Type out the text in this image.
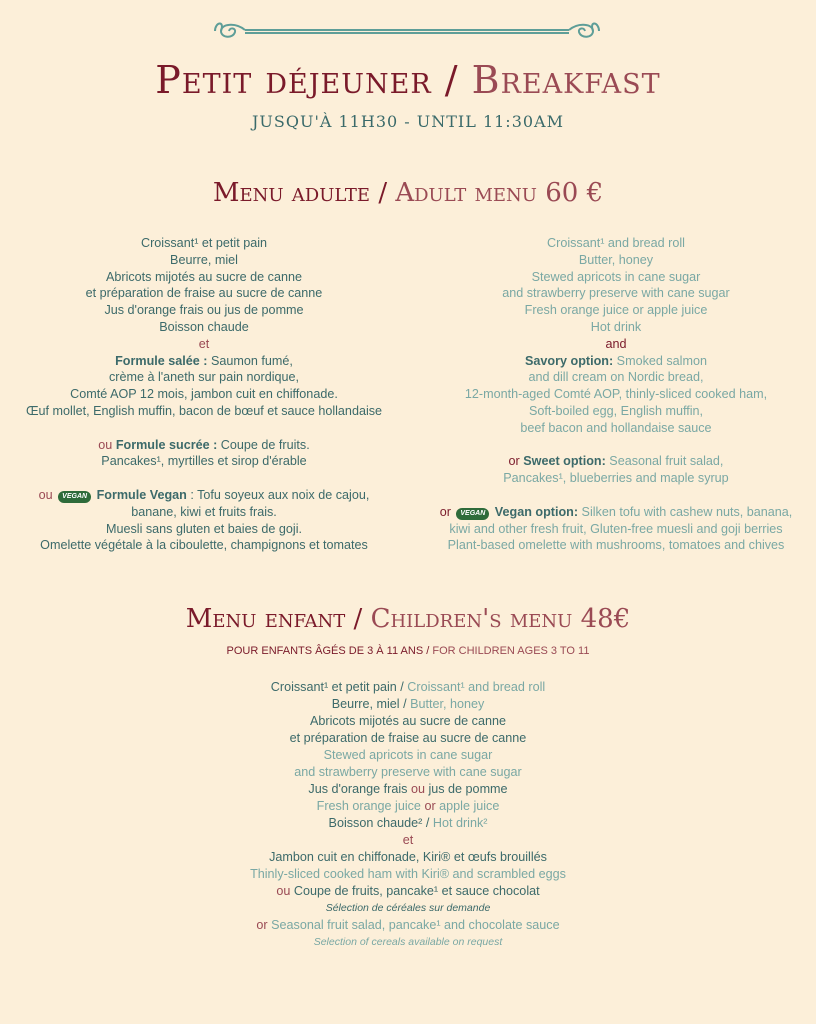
Petit déjeuner / Breakfast
JUSQU'À 11H30 - UNTIL 11:30AM
Menu adulte / Adult menu 60 €
Croissant¹ et petit pain
Beurre, miel
Abricots mijotés au sucre de canne
et préparation de fraise au sucre de canne
Jus d'orange frais ou jus de pomme
Boisson chaude
et
Formule salée : Saumon fumé,
crème à l'aneth sur pain nordique,
Comté AOP 12 mois, jambon cuit en chiffonade.
Œuf mollet, English muffin, bacon de bœuf et sauce hollandaise
ou Formule sucrée : Coupe de fruits.
Pancakes¹, myrtilles et sirop d'érable
ou VEGAN Formule Vegan : Tofu soyeux aux noix de cajou,
banane, kiwi et fruits frais.
Muesli sans gluten et baies de goji.
Omelette végétale à la ciboulette, champignons et tomates
Croissant¹ and bread roll
Butter, honey
Stewed apricots in cane sugar
and strawberry preserve with cane sugar
Fresh orange juice or apple juice
Hot drink
and
Savory option: Smoked salmon
and dill cream on Nordic bread,
12-month-aged Comté AOP, thinly-sliced cooked ham,
Soft-boiled egg, English muffin,
beef bacon and hollandaise sauce
or Sweet option: Seasonal fruit salad,
Pancakes¹, blueberries and maple syrup
or VEGAN Vegan option: Silken tofu with cashew nuts, banana,
kiwi and other fresh fruit, Gluten-free muesli and goji berries
Plant-based omelette with mushrooms, tomatoes and chives
Menu enfant / Children's menu 48€
POUR ENFANTS ÂGÉS DE 3 À 11 ANS / FOR CHILDREN AGES 3 TO 11
Croissant¹ et petit pain / Croissant¹ and bread roll
Beurre, miel / Butter, honey
Abricots mijotés au sucre de canne
et préparation de fraise au sucre de canne
Stewed apricots in cane sugar
and strawberry preserve with cane sugar
Jus d'orange frais ou jus de pomme
Fresh orange juice or apple juice
Boisson chaude² / Hot drink²
et
Jambon cuit en chiffonade, Kiri® et œufs brouillés
Thinly-sliced cooked ham with Kiri® and scrambled eggs
ou Coupe de fruits, pancake¹ et sauce chocolat
Sélection de céréales sur demande
or Seasonal fruit salad, pancake¹ and chocolate sauce
Selection of cereals available on request
